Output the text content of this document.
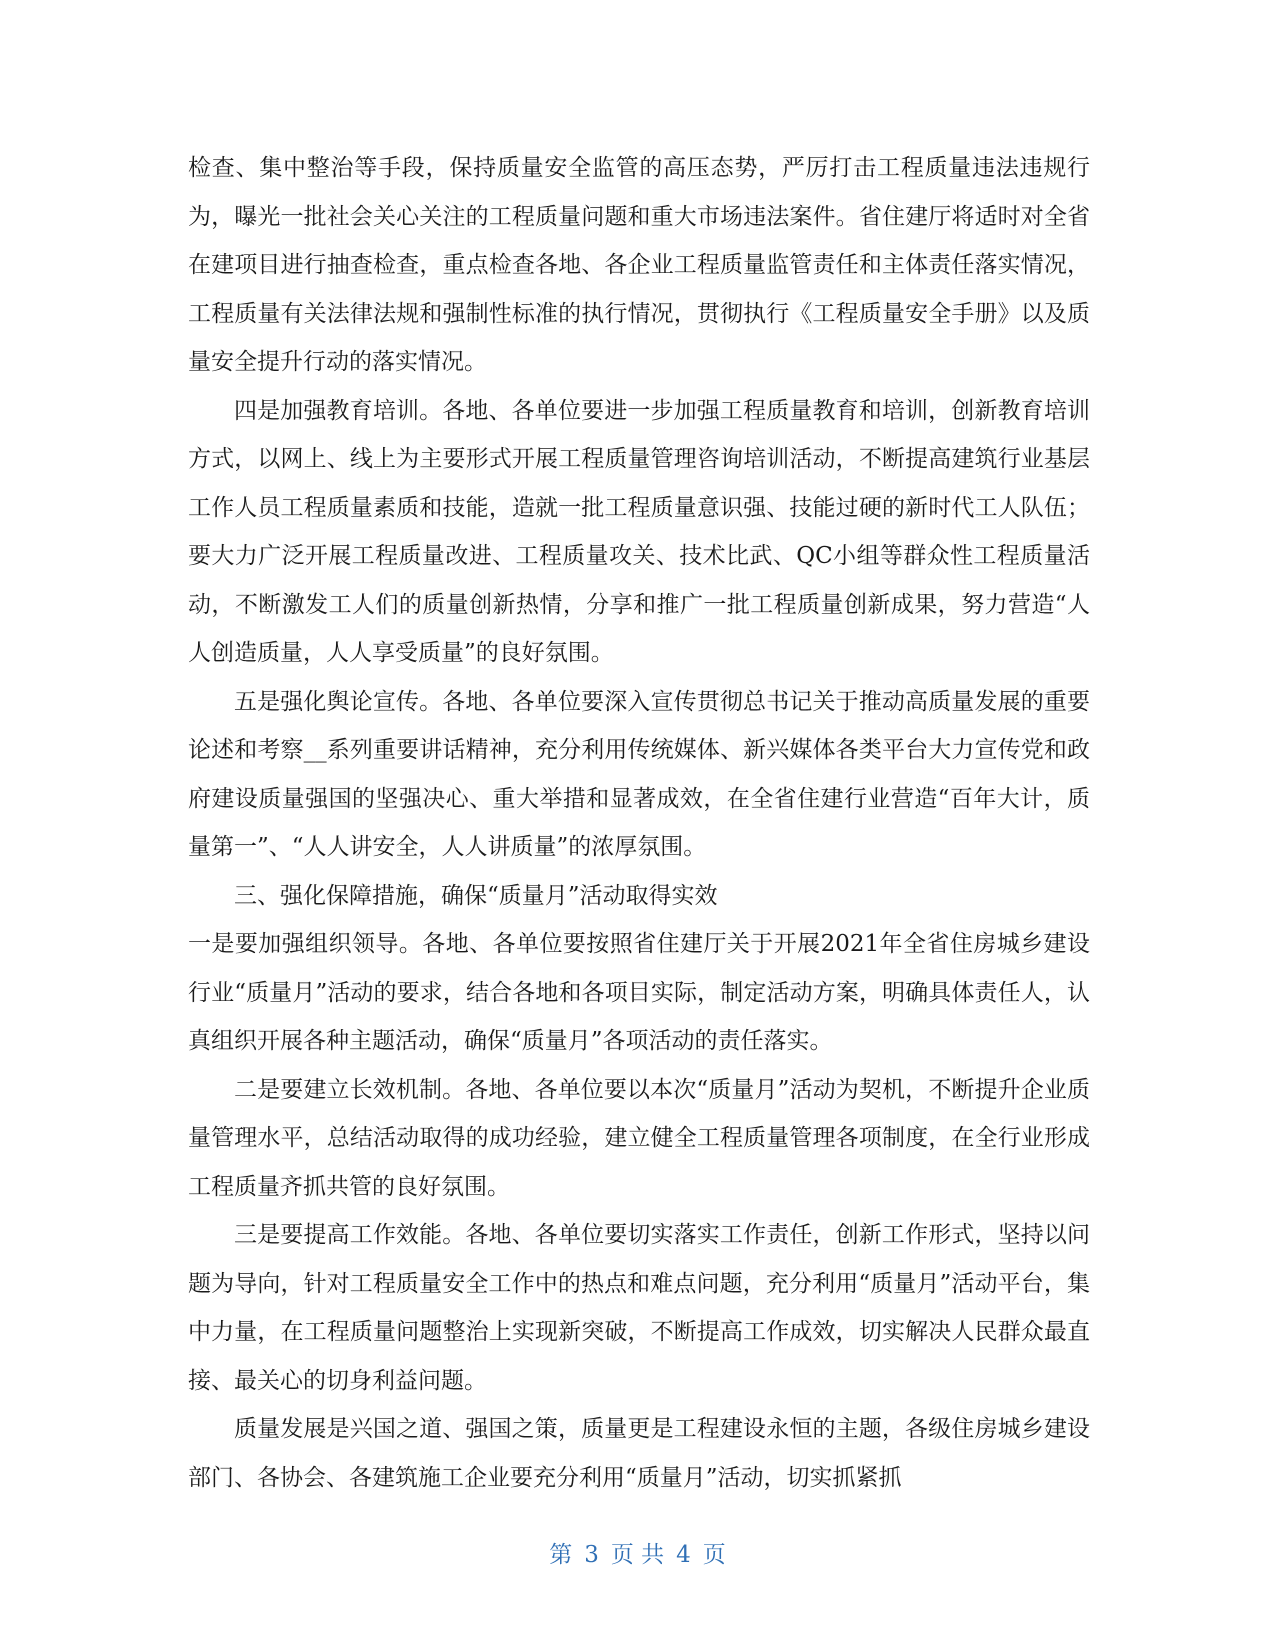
检查、集中整治等手段，保持质量安全监管的高压态势，严厉打击工程质量违法违规行为，曝光一批社会关心关注的工程质量问题和重大市场违法案件。省住建厅将适时对全省在建项目进行抽查检查，重点检查各地、各企业工程质量监管责任和主体责任落实情况，工程质量有关法律法规和强制性标准的执行情况，贯彻执行《工程质量安全手册》以及质量安全提升行动的落实情况。

四是加强教育培训。各地、各单位要进一步加强工程质量教育和培训，创新教育培训方式，以网上、线上为主要形式开展工程质量管理咨询培训活动，不断提高建筑行业基层工作人员工程质量素质和技能，造就一批工程质量意识强、技能过硬的新时代工人队伍；要大力广泛开展工程质量改进、工程质量攻关、技术比武、QC小组等群众性工程质量活动，不断激发工人们的质量创新热情，分享和推广一批工程质量创新成果，努力营造“人人创造质量，人人享受质量”的良好氛围。

五是强化舆论宣传。各地、各单位要深入宣传贯彻总书记关于推动高质量发展的重要论述和考察__系列重要讲话精神，充分利用传统媒体、新兴媒体各类平台大力宣传党和政府建设质量强国的坚强决心、重大举措和显著成效，在全省住建行业营造“百年大计，质量第一”、“人人讲安全，人人讲质量”的浓厚氛围。

三、强化保障措施，确保“质量月”活动取得实效

一是要加强组织领导。各地、各单位要按照省住建厅关于开展2021年全省住房城乡建设行业“质量月”活动的要求，结合各地和各项目实际，制定活动方案，明确具体责任人，认真组织开展各种主题活动，确保“质量月”各项活动的责任落实。

二是要建立长效机制。各地、各单位要以本次“质量月”活动为契机，不断提升企业质量管理水平，总结活动取得的成功经验，建立健全工程质量管理各项制度，在全行业形成工程质量齐抓共管的良好氛围。

三是要提高工作效能。各地、各单位要切实落实工作责任，创新工作形式，坚持以问题为导向，针对工程质量安全工作中的热点和难点问题，充分利用“质量月”活动平台，集中力量，在工程质量问题整治上实现新突破，不断提高工作成效，切实解决人民群众最直接、最关心的切身利益问题。

质量发展是兴国之道、强国之策，质量更是工程建设永恒的主题，各级住房城乡建设部门、各协会、各建筑施工企业要充分利用“质量月”活动，切实抓紧抓

第 3 页 共 4 页
